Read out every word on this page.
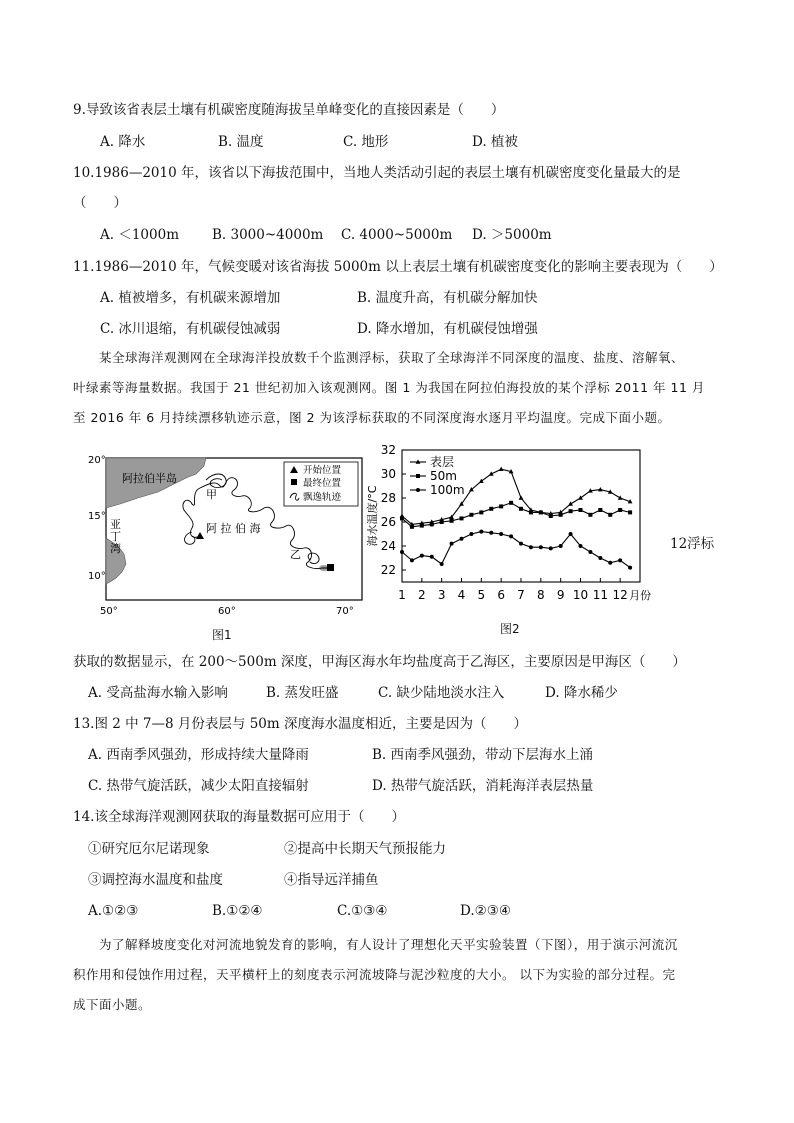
9.导致该省表层土壤有机碳密度随海拔呈单峰变化的直接因素是（　　）
A. 降水	B. 温度	C. 地形	D. 植被
10.1986—2010 年，该省以下海拔范围中，当地人类活动引起的表层土壤有机碳密度变化量最大的是
（　　）
A. ＜1000m B. 3000~4000m C. 4000~5000m D. ＞5000m
11.1986—2010 年，气候变暖对该省海拔 5000m 以上表层土壤有机碳密度变化的影响主要表现为（　　）
A. 植被增多，有机碳来源增加	B. 温度升高，有机碳分解加快
C. 冰川退缩，有机碳侵蚀减弱	D. 降水增加，有机碳侵蚀增强
某全球海洋观测网在全球海洋投放数千个监测浮标，获取了全球海洋不同深度的温度、盐度、溶解氧、
叶绿素等海量数据。我国于 21 世纪初加入该观测网。图 1 为我国在阿拉伯海投放的某个浮标 2011 年 11 月
至 2016 年 6 月持续漂移轨迹示意，图 2 为该浮标获取的不同深度海水逐月平均温度。完成下面小题。
阿拉伯半岛
阿 拉 伯 海
甲
乙
亚
丁
湾
开始位置
最终位置
飘逸轨迹
20°
15°
10°
50°	60°	70°
图1
22
24
26
28
30
32
1 2 3 4 5 6 7 8 9 10 11 12 月份
海水温度/°C
表层
50m
100m
图2
12浮标
获取的数据显示，在 200～500m 深度，甲海区海水年均盐度高于乙海区，主要原因是甲海区（　　）
A. 受高盐海水输入影响	B. 蒸发旺盛	C. 缺少陆地淡水注入	D. 降水稀少
13.图 2 中 7—8 月份表层与 50m 深度海水温度相近，主要是因为（　　）
A. 西南季风强劲，形成持续大量降雨	B. 西南季风强劲，带动下层海水上涌
C. 热带气旋活跃，减少太阳直接辐射	D. 热带气旋活跃，消耗海洋表层热量
14.该全球海洋观测网获取的海量数据可应用于（　　）
①研究厄尔尼诺现象	②提高中长期天气预报能力
③调控海水温度和盐度	④指导远洋捕鱼
A.①②③	B.①②④	C.①③④	D.②③④
为了解释坡度变化对河流地貌发育的影响，有人设计了理想化天平实验装置（下图），用于演示河流沉
积作用和侵蚀作用过程，天平横杆上的刻度表示河流坡降与泥沙粒度的大小。 以下为实验的部分过程。完
成下面小题。
